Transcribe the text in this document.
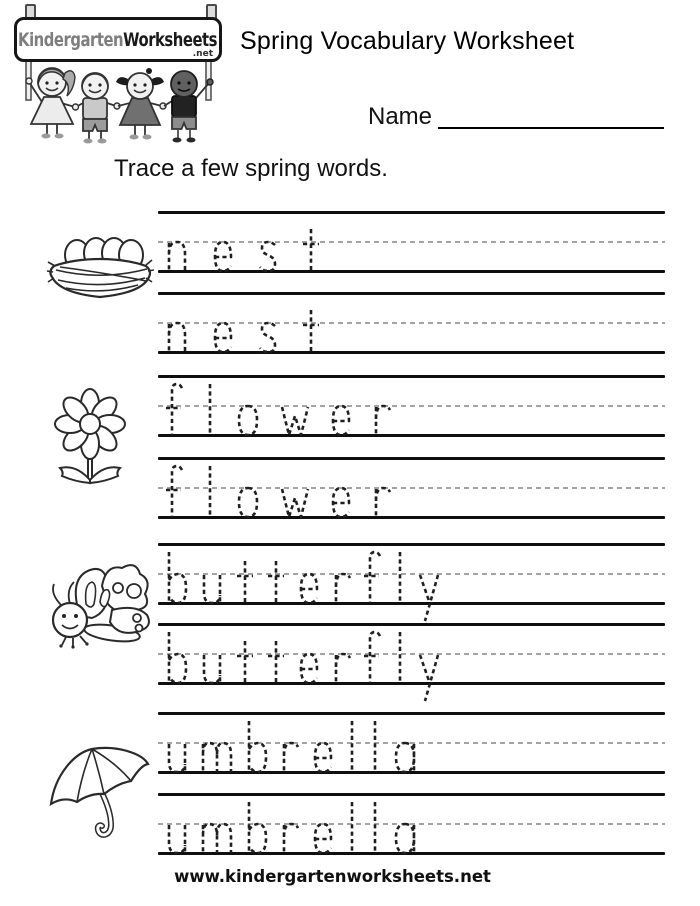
KindergartenWorksheets
.net Spring Vocabulary Worksheet
Name
Trace a few spring words.
www.kindergartenworksheets.net
